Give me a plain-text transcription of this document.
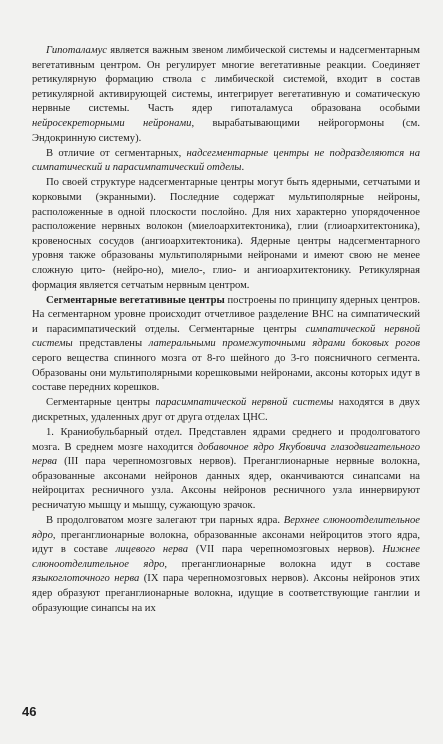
Гипоталамус является важным звеном лимбической системы и надсегментарным вегетативным центром. Он регулирует многие вегетативные реакции. Соединяет ретикулярную формацию ствола с лимбической системой, входит в состав ретикулярной активирующей системы, интегрирует вегетативную и соматическую нервные системы. Часть ядер гипоталамуса образована особыми нейросекреторными нейронами, вырабатывающими нейрогормоны (см. Эндокринную систему).

В отличие от сегментарных, надсегментарные центры не подразделяются на симпатический и парасимпатический отделы.

По своей структуре надсегментарные центры могут быть ядерными, сетчатыми и корковыми (экранными). Последние содержат мультиполярные нейроны, расположенные в одной плоскости послойно. Для них характерно упорядоченное расположение нервных волокон (миелоархитектоника), глии (глиоархитектоника), кровеносных сосудов (ангиоархитектоника). Ядерные центры надсегментарного уровня также образованы мультиполярными нейронами и имеют свою не менее сложную цито- (нейро-но), миело-, глио- и ангиоархитектонику. Ретикулярная формация является сетчатым нервным центром.

Сегментарные вегетативные центры построены по принципу ядерных центров. На сегментарном уровне происходит отчетливое разделение ВНС на симпатический и парасимпатический отделы. Сегментарные центры симпатической нервной системы представлены латеральными промежуточными ядрами боковых рогов серого вещества спинного мозга от 8-го шейного до 3-го поясничного сегмента. Образованы они мультиполярными корешковыми нейронами, аксоны которых идут в составе передних корешков.

Сегментарные центры парасимпатической нервной системы находятся в двух дискретных, удаленных друг от друга отделах ЦНС.

1. Краниобульбарный отдел. Представлен ядрами среднего и продолговатого мозга. В среднем мозге находится добавочное ядро Якубовича глазодвигательного нерва (III пара черепномозговых нервов). Преганглионарные нервные волокна, образованные аксонами нейронов данных ядер, оканчиваются синапсами на нейроцитах ресничного узла. Аксоны нейронов ресничного узла иннервируют ресничатую мышцу и мышцу, сужающую зрачок.

В продолговатом мозге залегают три парных ядра. Верхнее слюноотделительное ядро, преганглионарные волокна, образованные аксонами нейроцитов этого ядра, идут в составе лицевого нерва (VII пара черепномозговых нервов). Нижнее слюноотделительное ядро, преганглионарные волокна идут в составе языкоглоточного нерва (IX пара черепномозговых нервов). Аксоны нейронов этих ядер образуют преганглионарные волокна, идущие в соответствующие ганглии и образующие синапсы на их

46
